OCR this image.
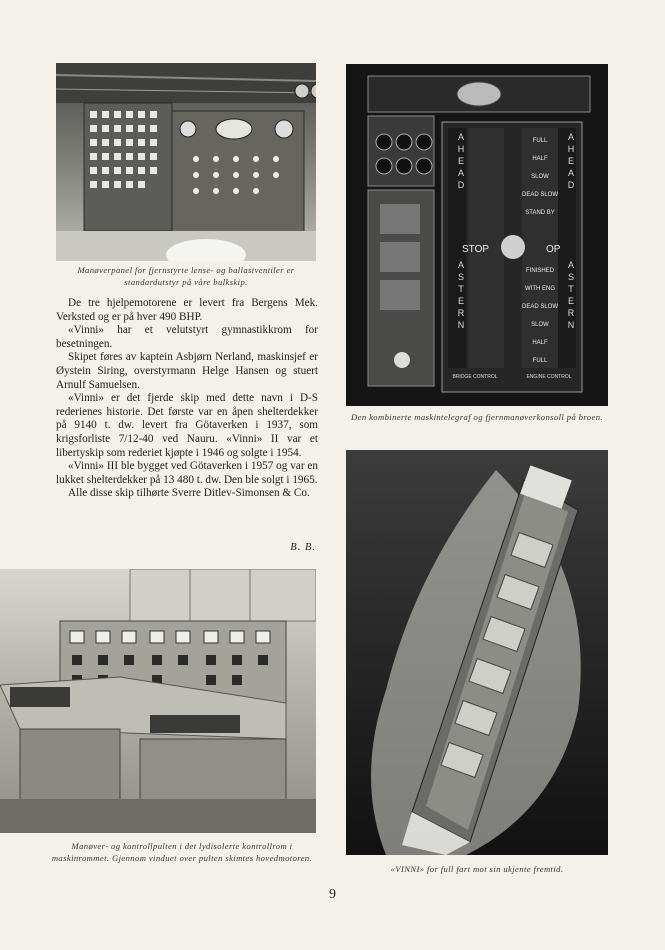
Manøverpanel for fjernstyrte lense- og ballastventiler er standardutstyr på våre bulkskip.

AHEAD	AHEAD
ASTERN	ASTERN
STOP	OP
FULL
HALF
SLOW
DEAD SLOW
STAND BY
FINISHED WITH ENG
DEAD SLOW
SLOW
HALF
FULL
BRIDGE CONTROL	ENGINE CONTROL

Den kombinerte maskintelegraf og fjernmanøverkonsoll på broen.

De tre hjelpemotorene er levert fra Bergens Mek. Verksted og er på hver 490 BHP.

«Vinni» har et velutstyrt gymnastikkrom for besetningen.

Skipet føres av kaptein Asbjørn Nerland, maskinsjef er Øystein Siring, overstyrmann Helge Hansen og stuert Arnulf Samuelsen.

«Vinni» er det fjerde skip med dette navn i D-S rederienes historie. Det første var en åpen shelterdekker på 9140 t. dw. levert fra Götaverken i 1937, som krigsforliste 7/12-40 ved Nauru. «Vinni» II var et libertyskip som rederiet kjøpte i 1946 og solgte i 1954.

«Vinni» III ble bygget ved Götaverken i 1957 og var en lukket shelterdekker på 13 480 t. dw. Den ble solgt i 1965.

Alle disse skip tilhørte Sverre Ditlev-Simonsen & Co.

B. B.

Manøver- og kontrollpulten i det lydisolerte kontrollrom i maskinrommet. Gjennom vinduet over pulten skimtes hovedmotoren.

«VINNI» for full fart mot sin ukjente fremtid.

9
